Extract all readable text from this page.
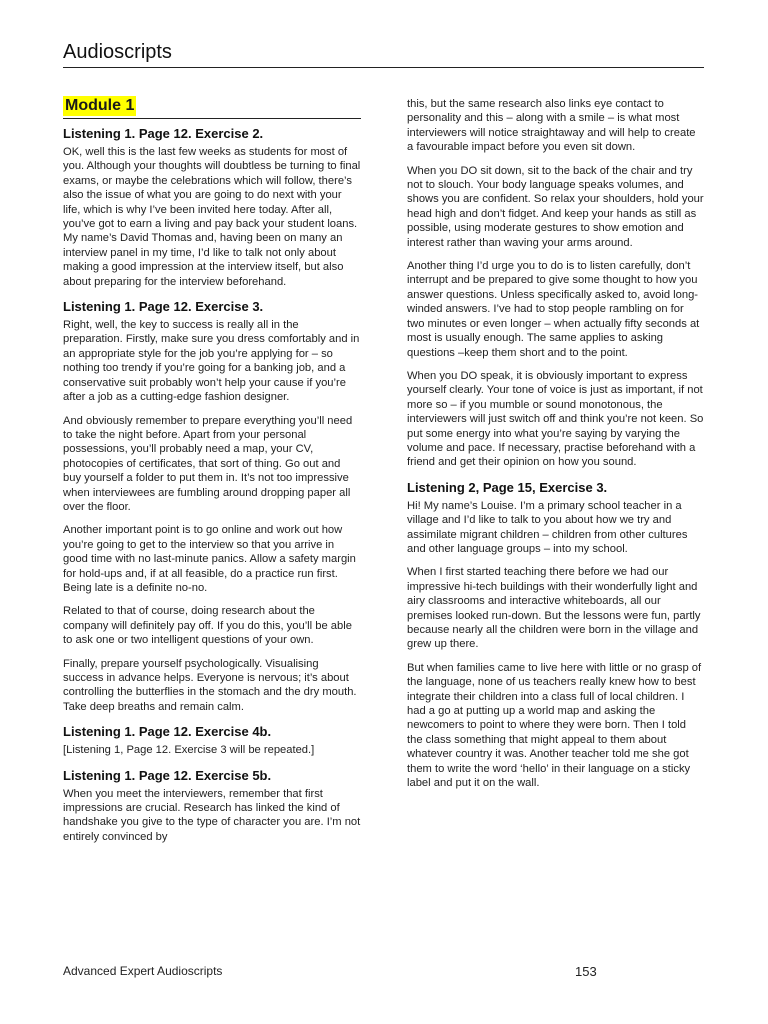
Audioscripts
Module 1
Listening 1. Page 12. Exercise 2.

OK, well this is the last few weeks as students for most of you. Although your thoughts will doubtless be turning to final exams, or maybe the celebrations which will follow, there’s also the issue of what you are going to do next with your life, which is why I’ve been invited here today. After all, you’ve got to earn a living and pay back your student loans. My name’s David Thomas and, having been on many an interview panel in my time, I’d like to talk not only about making a good impression at the interview itself, but also about preparing for the interview beforehand.

Listening 1. Page 12. Exercise 3.

Right, well, the key to success is really all in the preparation. Firstly, make sure you dress comfortably and in an appropriate style for the job you’re applying for – so nothing too trendy if you’re going for a banking job, and a conservative suit probably won’t help your cause if you’re after a job as a cutting-edge fashion designer.

And obviously remember to prepare everything you’ll need to take the night before. Apart from your personal possessions, you’ll probably need a map, your CV, photocopies of certificates, that sort of thing. Go out and buy yourself a folder to put them in. It’s not too impressive when interviewees are fumbling around dropping paper all over the floor.

Another important point is to go online and work out how you’re going to get to the interview so that you arrive in good time with no last-minute panics. Allow a safety margin for hold-ups and, if at all feasible, do a practice run first. Being late is a definite no-no.

Related to that of course, doing research about the company will definitely pay off. If you do this, you’ll be able to ask one or two intelligent questions of your own.

Finally, prepare yourself psychologically. Visualising success in advance helps. Everyone is nervous; it’s about controlling the butterflies in the stomach and the dry mouth. Take deep breaths and remain calm.

Listening 1. Page 12. Exercise 4b.

[Listening 1, Page 12. Exercise 3 will be repeated.]

Listening 1. Page 12. Exercise 5b.

When you meet the interviewers, remember that first impressions are crucial. Research has linked the kind of handshake you give to the type of character you are. I’m not entirely convinced by

this, but the same research also links eye contact to personality and this – along with a smile – is what most interviewers will notice straightaway and will help to create a favourable impact before you even sit down.

When you DO sit down, sit to the back of the chair and try not to slouch. Your body language speaks volumes, and shows you are confident. So relax your shoulders, hold your head high and don’t fidget. And keep your hands as still as possible, using moderate gestures to show emotion and interest rather than waving your arms around.

Another thing I’d urge you to do is to listen carefully, don’t interrupt and be prepared to give some thought to how you answer questions. Unless specifically asked to, avoid long-winded answers. I’ve had to stop people rambling on for two minutes or even longer – when actually fifty seconds at most is usually enough. The same applies to asking questions –keep them short and to the point.

When you DO speak, it is obviously important to express yourself clearly. Your tone of voice is just as important, if not more so – if you mumble or sound monotonous, the interviewers will just switch off and think you’re not keen. So put some energy into what you’re saying by varying the volume and pace. If necessary, practise beforehand with a friend and get their opinion on how you sound.

Listening 2, Page 15, Exercise 3.

Hi! My name’s Louise. I’m a primary school teacher in a village and I’d like to talk to you about how we try and assimilate migrant children – children from other cultures and other language groups – into my school.

When I first started teaching there before we had our impressive hi-tech buildings with their wonderfully light and airy classrooms and interactive whiteboards, all our premises looked run-down. But the lessons were fun, partly because nearly all the children were born in the village and grew up there.

But when families came to live here with little or no grasp of the language, none of us teachers really knew how to best integrate their children into a class full of local children. I had a go at putting up a world map and asking the newcomers to point to where they were born. Then I told the class something that might appeal to them about whatever country it was. Another teacher told me she got them to write the word ‘hello’ in their language on a sticky label and put it on the wall.

Advanced Expert Audioscripts	153
